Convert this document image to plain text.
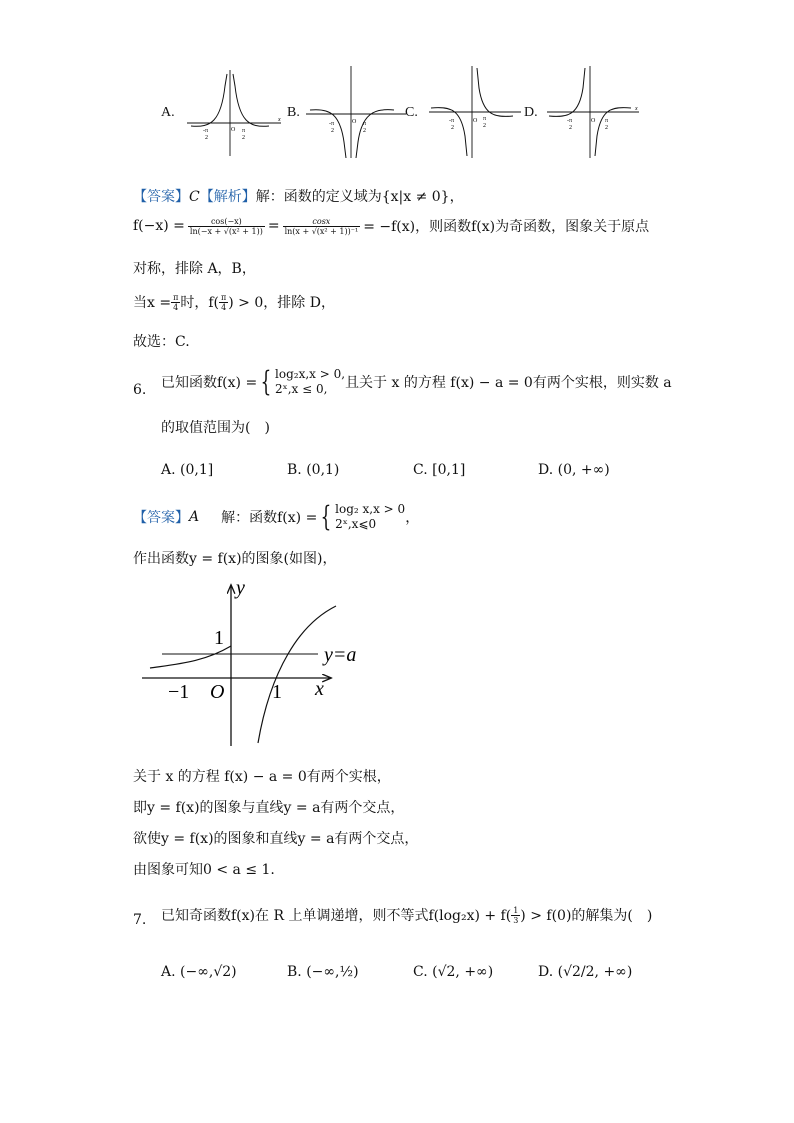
A.
-π
2
O π
2
x B.
-π
2
O π
2
C.
-π
2
O π
2
D.
-π
2
O π
2
x
【答案】C【解析】解：函数的定义域为{x|x ≠ 0}，
$f(-x) = \frac{\cos(-x)}{\text{ln(−x + √(x² + 1))}} = \frac{\cos x}{\text{ln(x + √(x² + 1))⁻¹}} = -f(x)$，则函数f(x)为奇函数，图象关于原点
对称，排除 A，B，
当$x = \frac{\pi}{4}$ 时，$f( \frac{\pi}{4}$ ) > 0，排除 D，
故选：C.
6. 已知函数f(x) = { log₂x,x > 0,
2ˣ,x ≤ 0,	且关于 x 的方程 f(x) − a = 0有两个实根，则实数 a
的取值范围为(　)
A. (0,1]	B. (0,1)	C. [0,1]	D. (0, +∞)
【答案】 A 解：函数f(x) = { log₂ x,x > 0
2ˣ,x⩽0	，
作出函数y = f(x)的图象(如图)，
y
x
1
−1 O 1
y=a
关于 x 的方程 f(x) − a = 0有两个实根，
即y = f(x)的图象与直线y = a有两个交点，
欲使y = f(x)的图象和直线y = a有两个交点，
由图象可知0 < a ≤ 1.
7. 已知奇函数f(x)在 R 上单调递增，则不等式$f(\log_2x) + f( \frac{1}{3}$ ) > f(0)的解集为(　)
A. (−∞,√2)	B. (−∞,½)	C. (√2, +∞)	D. (√2/2, +∞)
